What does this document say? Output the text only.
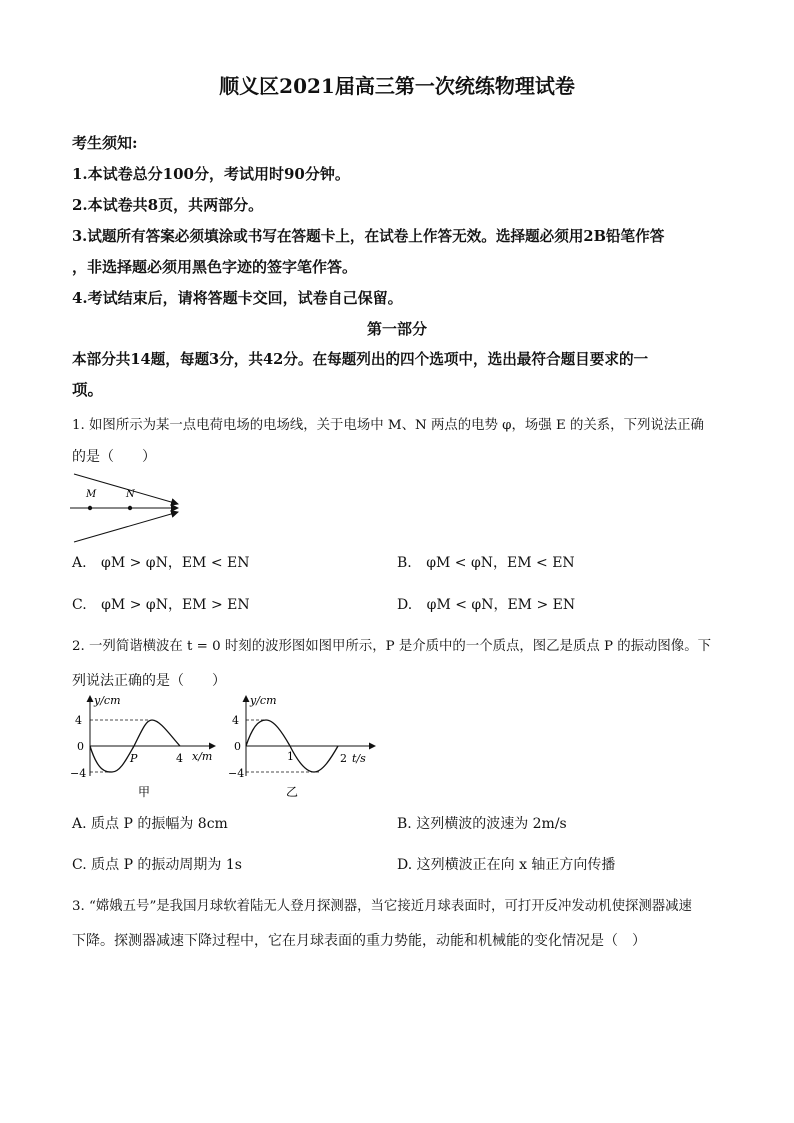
顺义区2021届高三第一次统练物理试卷
考生须知:
1.本试卷总分100分，考试用时90分钟。
2.本试卷共8页，共两部分。
3.试题所有答案必须填涂或书写在答题卡上，在试卷上作答无效。选择题必须用2B铅笔作答
，非选择题必须用黑色字迹的签字笔作答。
4.考试结束后，请将答题卡交回，试卷自己保留。
第一部分
本部分共14题，每题3分，共42分。在每题列出的四个选项中，选出最符合题目要求的一
项。
1. 如图所示为某一点电荷电场的电场线，关于电场中 M、N 两点的电势 φ，场强 E 的关系，下列说法正确
的是（　　）
M	N
A. φM > φN，EM < EN	B. φM < φN，EM < EN
C. φM > φN，EM > EN	D. φM < φN，EM > EN
2. 一列简谐横波在 t = 0 时刻的波形图如图甲所示，P 是介质中的一个质点，图乙是质点 P 的振动图像。下
列说法正确的是（　　）
y/cm
4
0
−4
P	4 x/m
甲
y/cm
4
0
−4
1	2 t/s
乙
A. 质点 P 的振幅为 8cm	B. 这列横波的波速为 2m/s
C. 质点 P 的振动周期为 1s	D. 这列横波正在向 x 轴正方向传播
3. “嫦娥五号”是我国月球软着陆无人登月探测器，当它接近月球表面时，可打开反冲发动机使探测器减速
下降。探测器减速下降过程中，它在月球表面的重力势能，动能和机械能的变化情况是（　）
